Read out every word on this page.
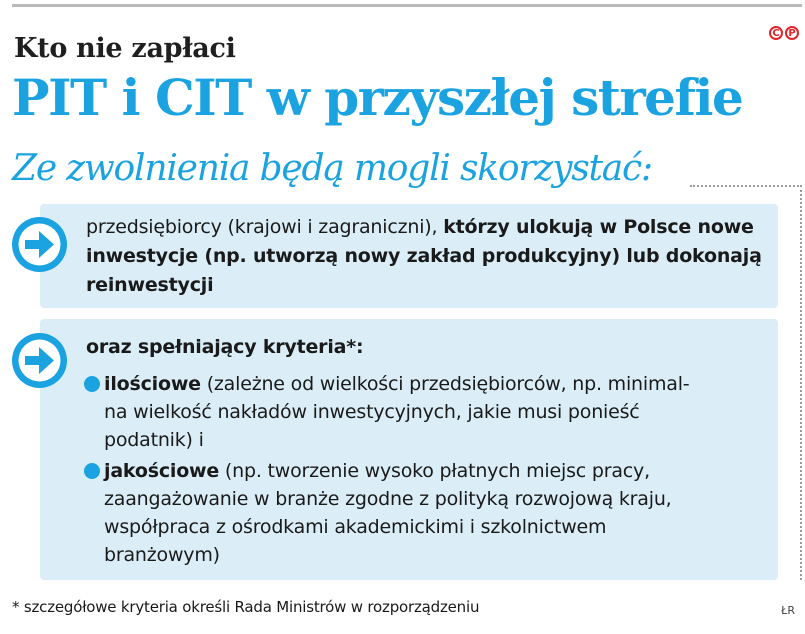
C P
Kto nie zapłaci
PIT i CIT w przyszłej strefie
Ze zwolnienia będą mogli skorzystać:
przedsiębiorcy (krajowi i zagraniczni), którzy ulokują w Polsce nowe inwestycje (np. utworzą nowy zakład produkcyjny) lub dokonają reinwestycji
oraz spełniający kryteria*:
ilościowe (zależne od wielkości przedsiębiorców, np. minimal-
na wielkość nakładów inwestycyjnych, jakie musi ponieść
podatnik) i
jakościowe (np. tworzenie wysoko płatnych miejsc pracy,
zaangażowanie w branże zgodne z polityką rozwojową kraju,
współpraca z ośrodkami akademickimi i szkolnictwem
branżowym)
* szczegółowe kryteria określi Rada Ministrów w rozporządzeniu	ŁR
